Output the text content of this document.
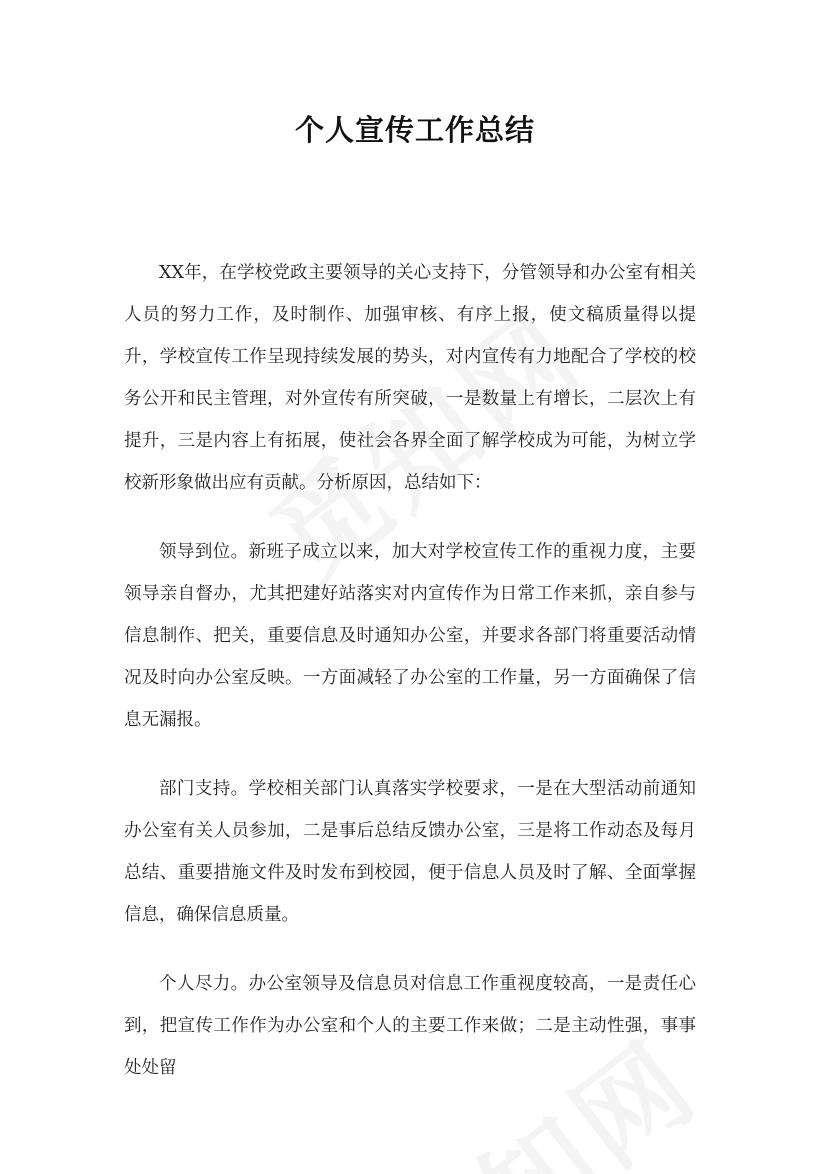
个人宣传工作总结

XX年，在学校党政主要领导的关心支持下，分管领导和办公室有相关人员的努力工作，及时制作、加强审核、有序上报，使文稿质量得以提升，学校宣传工作呈现持续发展的势头，对内宣传有力地配合了学校的校务公开和民主管理，对外宣传有所突破，一是数量上有增长，二层次上有提升，三是内容上有拓展，使社会各界全面了解学校成为可能，为树立学校新形象做出应有贡献。分析原因，总结如下：

领导到位。新班子成立以来，加大对学校宣传工作的重视力度，主要领导亲自督办，尤其把建好站落实对内宣传作为日常工作来抓，亲自参与信息制作、把关，重要信息及时通知办公室，并要求各部门将重要活动情况及时向办公室反映。一方面减轻了办公室的工作量，另一方面确保了信息无漏报。

部门支持。学校相关部门认真落实学校要求，一是在大型活动前通知办公室有关人员参加，二是事后总结反馈办公室，三是将工作动态及每月总结、重要措施文件及时发布到校园，便于信息人员及时了解、全面掌握信息，确保信息质量。

个人尽力。办公室领导及信息员对信息工作重视度较高，一是责任心到，把宣传工作作为办公室和个人的主要工作来做；二是主动性强，事事处处留
